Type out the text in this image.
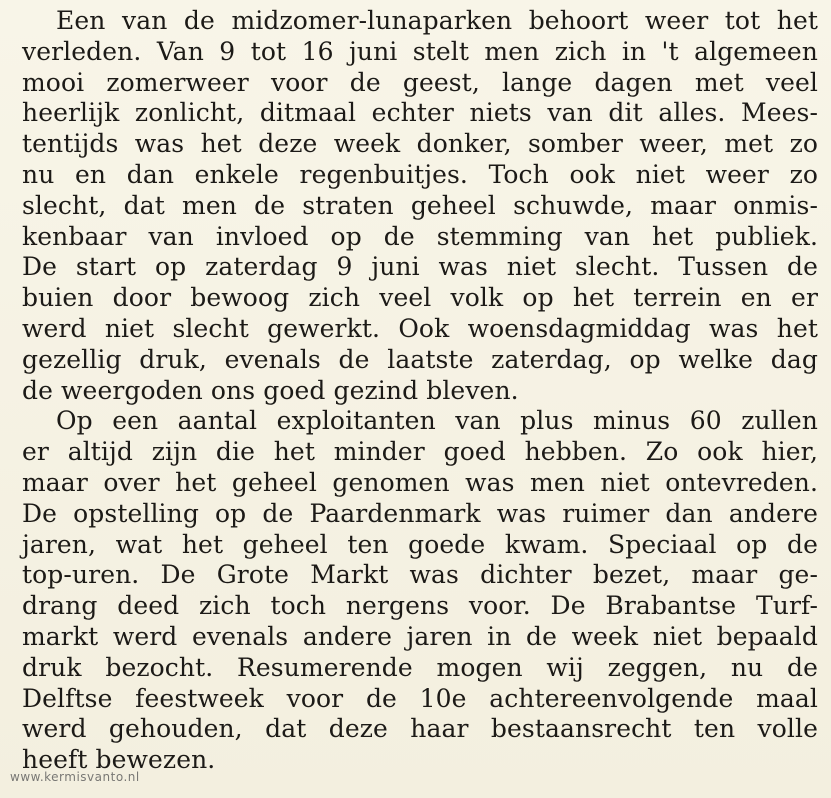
Een van de midzomer-lunaparken behoort weer tot het
verleden. Van 9 tot 16 juni stelt men zich in 't algemeen
mooi zomerweer voor de geest, lange dagen met veel
heerlijk zonlicht, ditmaal echter niets van dit alles. Mees-
tentijds was het deze week donker, somber weer, met zo
nu en dan enkele regenbuitjes. Toch ook niet weer zo
slecht, dat men de straten geheel schuwde, maar onmis-
kenbaar van invloed op de stemming van het publiek.
De start op zaterdag 9 juni was niet slecht. Tussen de
buien door bewoog zich veel volk op het terrein en er
werd niet slecht gewerkt. Ook woensdagmiddag was het
gezellig druk, evenals de laatste zaterdag, op welke dag
de weergoden ons goed gezind bleven.
Op een aantal exploitanten van plus minus 60 zullen
er altijd zijn die het minder goed hebben. Zo ook hier,
maar over het geheel genomen was men niet ontevreden.
De opstelling op de Paardenmark was ruimer dan andere
jaren, wat het geheel ten goede kwam. Speciaal op de
top-uren. De Grote Markt was dichter bezet, maar ge-
drang deed zich toch nergens voor. De Brabantse Turf-
markt werd evenals andere jaren in de week niet bepaald
druk bezocht. Resumerende mogen wij zeggen, nu de
Delftse feestweek voor de 10e achtereenvolgende maal
werd gehouden, dat deze haar bestaansrecht ten volle
heeft bewezen.
www.kermisvanto.nl
